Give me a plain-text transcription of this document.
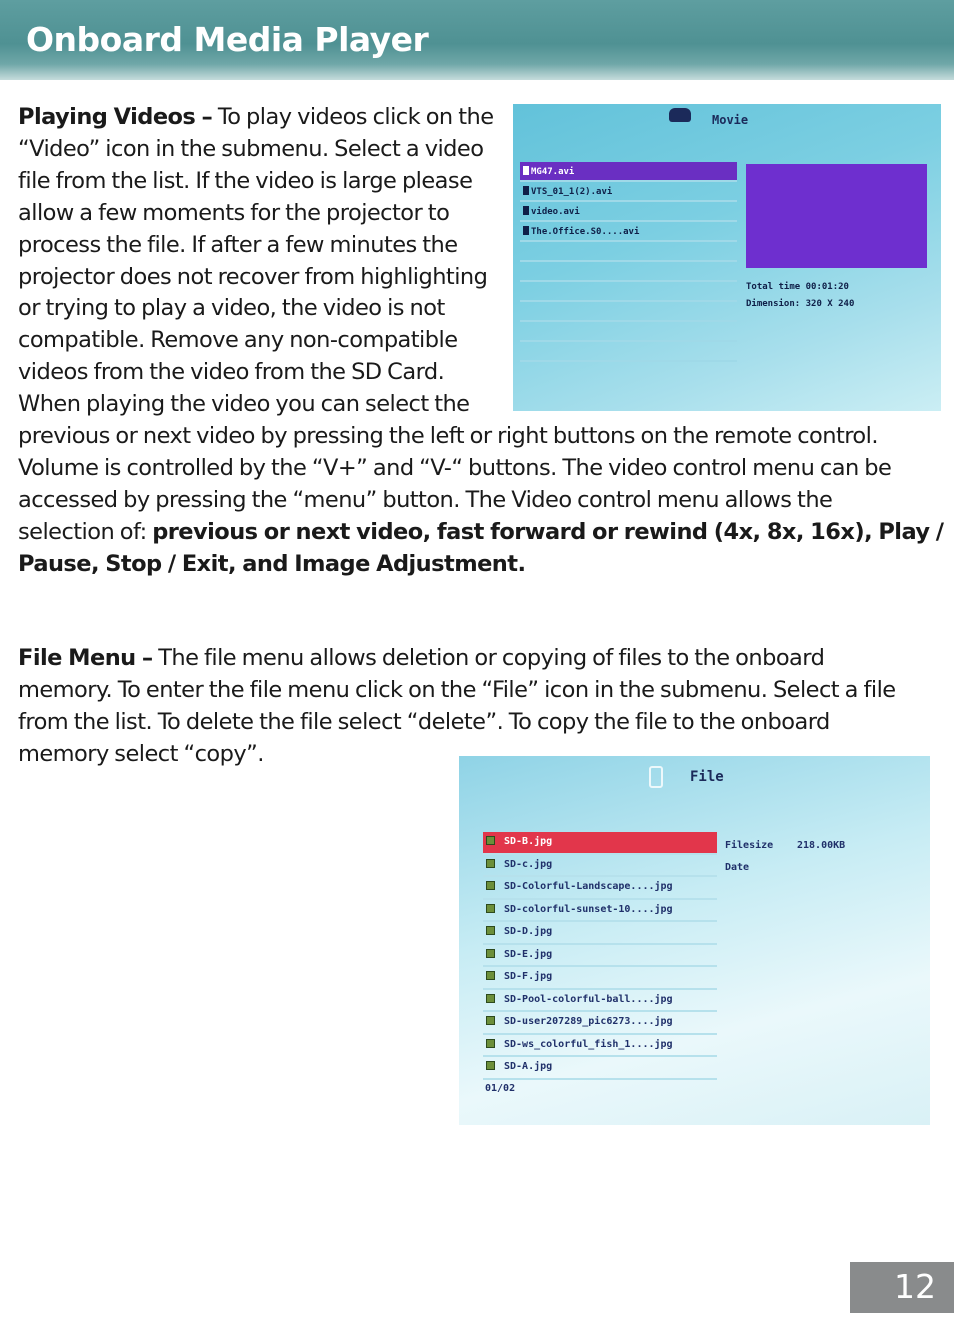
Onboard Media Player
Playing Videos – To play videos click on the
“Video” icon in the submenu. Select a video
file from the list. If the video is large please
allow a few moments for the projector to
process the file. If after a few minutes the
projector does not recover from highlighting
or trying to play a video, the video is not
compatible. Remove any non-compatible
videos from the video from the SD Card.
When playing the video you can select the
previous or next video by pressing the left or right buttons on the remote control.
Volume is controlled by the “V+” and “V-“ buttons. The video control menu can be
accessed by pressing the “menu” button. The Video control menu allows the
selection of: previous or next video, fast forward or rewind (4x, 8x, 16x), Play /
Pause, Stop / Exit, and Image Adjustment.
Movie
MG47.avi
VTS_01_1(2).avi
video.avi
The.Office.S0....avi
Total time 00:01:20
Dimension: 320 X 240
File Menu – The file menu allows deletion or copying of files to the onboard
memory. To enter the file menu click on the “File” icon in the submenu. Select a file
from the list. To delete the file select “delete”. To copy the file to the onboard
memory select “copy”.
File
SD-B.jpg
SD-c.jpg
SD-Colorful-Landscape....jpg
SD-colorful-sunset-10....jpg
SD-D.jpg
SD-E.jpg
SD-F.jpg
SD-Pool-colorful-ball....jpg
SD-user207289_pic6273....jpg
SD-ws_colorful_fish_1....jpg
SD-A.jpg
Filesize 218.00KB
Date
01/02
12
